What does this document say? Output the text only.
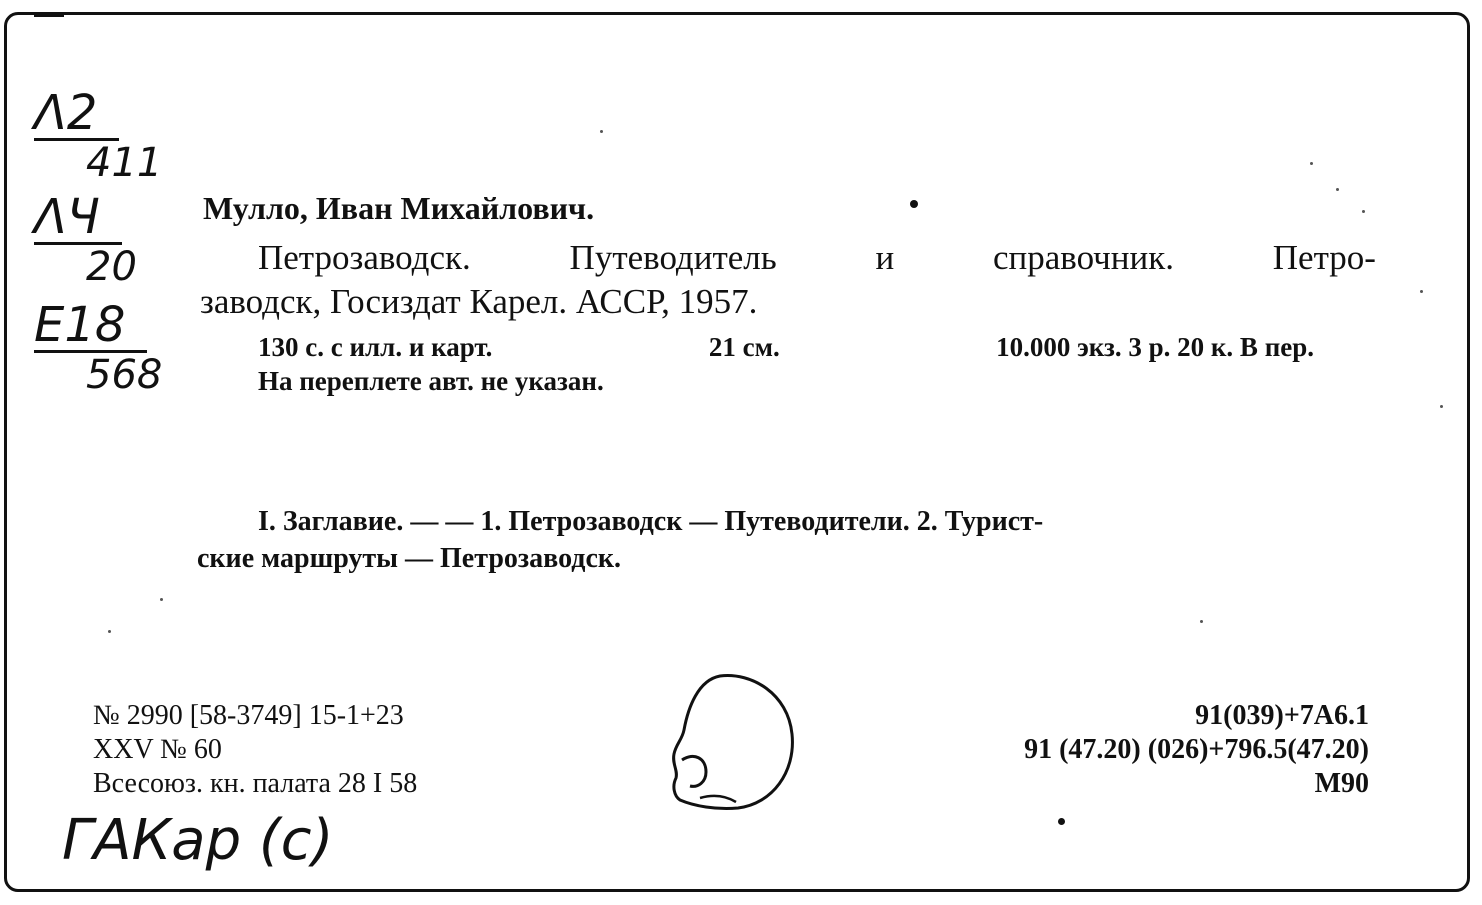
Λ2
411
ΛЧ
20
E18
568
Мулло, Иван Михайлович.
Петрозаводск.	Путеводитель	и	справочник.	Петро-
заводск, Госиздат Карел. АССР, 1957.
130 с. с илл. и карт.	21 см.	10.000 экз. 3 р. 20 к. В пер.
На переплете авт. не указан.
I. Заглавие. — — 1. Петрозаводск — Путеводители. 2. Турист-
ские маршруты — Петрозаводск.
№ 2990 [58-3749] 15-1+23
XXV № 60
Всесоюз. кн. палата 28 I 58
91(039)+7А6.1
91 (47.20) (026)+796.5(47.20)
М90
ГАКар (с)
